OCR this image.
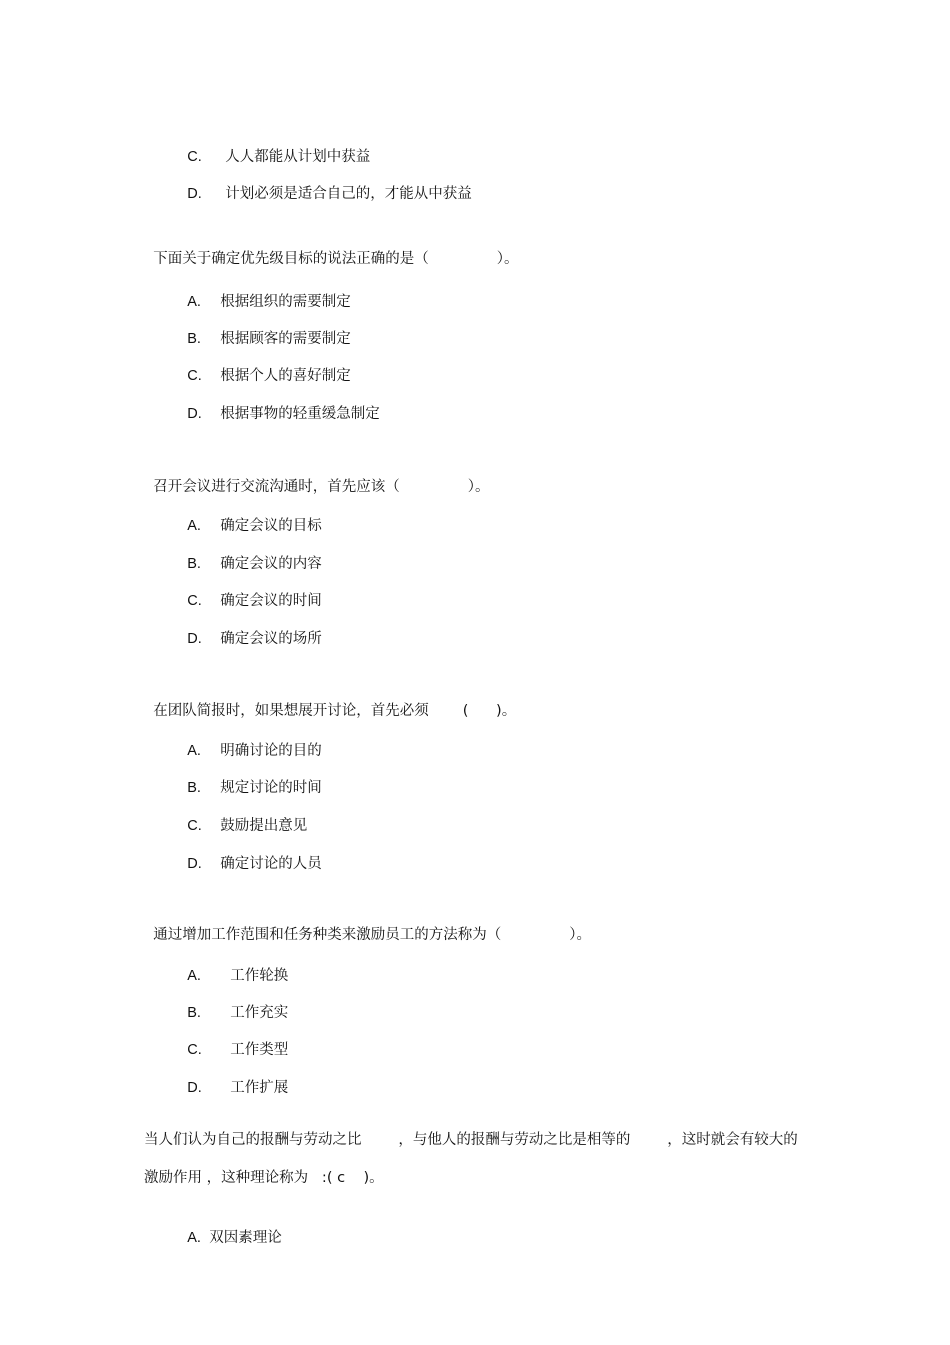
C. 人人都能从计划中获益

D. 计划必须是适合自己的，才能从中获益

下面关于确定优先级目标的说法正确的是（	）。

A. 根据组织的需要制定

B. 根据顾客的需要制定

C. 根据个人的喜好制定

D. 根据事物的轻重缓急制定

召开会议进行交流沟通时，首先应该（	）。

A. 确定会议的目标

B. 确定会议的内容

C. 确定会议的时间

D. 确定会议的场所

在团队简报时，如果想展开讨论，首先必须 (      )。

A. 明确讨论的目的

B. 规定讨论的时间

C. 鼓励提出意见

D. 确定讨论的人员

通过增加工作范围和任务种类来激励员工的方法称为（	）。

A. 工作轮换

B. 工作充实

C. 工作类型

D. 工作扩展

当人们认为自己的报酬与劳动之比        ，与他人的报酬与劳动之比是相等的        ，这时就会有较大的
激励作用 ，这种理论称为   :( c    )。

A. 双因素理论
